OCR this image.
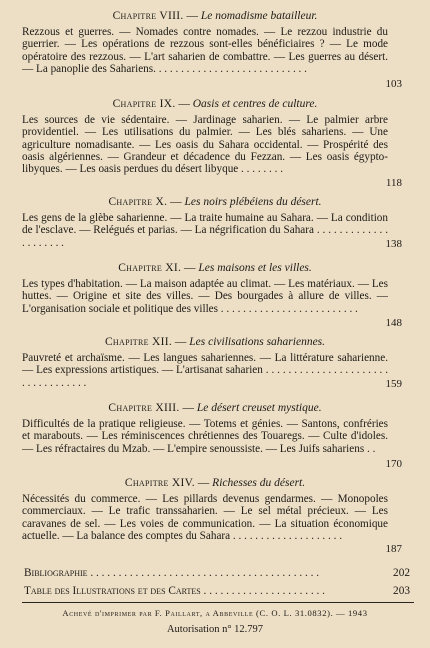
Chapitre VIII. — Le nomadisme batailleur.
Rezzous et guerres. — Nomades contre nomades. — Le rezzou industrie du guerrier. — Les opérations de rezzous sont-elles bénéficiaires ? — Le mode opératoire des rezzous. — L'art saharien de combattre. — Les guerres au désert. — La panoplie des Sahariens. . . . . . . . . . . . . . . . . . . . . . . . . . . .
103
Chapitre IX. — Oasis et centres de culture.
Les sources de vie sédentaire. — Jardinage saharien. — Le palmier arbre providentiel. — Les utilisations du palmier. — Les blés sahariens. — Une agriculture nomadisante. — Les oasis du Sahara occidental. — Prospérité des oasis algériennes. — Grandeur et décadence du Fezzan. — Les oasis égypto-libyques. — Les oasis perdues du désert libyque . . . . . . . .
118
Chapitre X. — Les noirs plébéiens du désert.
Les gens de la glèbe saharienne. — La traite humaine au Sahara. — La condition de l'esclave. — Relégués et parias. — La négrification du Sahara . . . . . . . . . . . . . . . . . . . . .	138
Chapitre XI. — Les maisons et les villes.
Les types d'habitation. — La maison adaptée au climat. — Les matériaux. — Les huttes. — Origine et site des villes. — Des bourgades à allure de villes. — L'organisation sociale et politique des villes . . . . . . . . . . . . . . . . . . . . . . . . .
148
Chapitre XII. — Les civilisations sahariennes.
Pauvreté et archaïsme. — Les langues sahariennes. — La littérature saharienne. — Les expressions artistiques. — L'artisanat saharien . . . . . . . . . . . . . . . . . . . . . . . . . . . . . . . . . .	159
Chapitre XIII. — Le désert creuset mystique.
Difficultés de la pratique religieuse. — Totems et génies. — Santons, confréries et marabouts. — Les réminiscences chrétiennes des Touaregs. — Culte d'idoles. — Les réfractaires du Mzab. — L'empire senoussiste. — Les Juifs sahariens . .
170
Chapitre XIV. — Richesses du désert.
Nécessités du commerce. — Les pillards devenus gendarmes. — Monopoles commerciaux. — Le trafic transsaharien. — Le sel métal précieux. — Les caravanes de sel. — Les voies de communication. — La situation économique actuelle. — La balance des comptes du Sahara . . . . . . . . . . . . . . . . . . . .
187
Bibliographie . . . . . . . . . . . . . . . . . . . . . . . . . . . . . . . . . . . . . . . . .	202
Table des Illustrations et des Cartes . . . . . . . . . . . . . . . . . . . . . .	203
Achevé d'imprimer par F. Paillart, a Abbeville (C. O. L. 31.0832). — 1943
Autorisation n° 12.797
